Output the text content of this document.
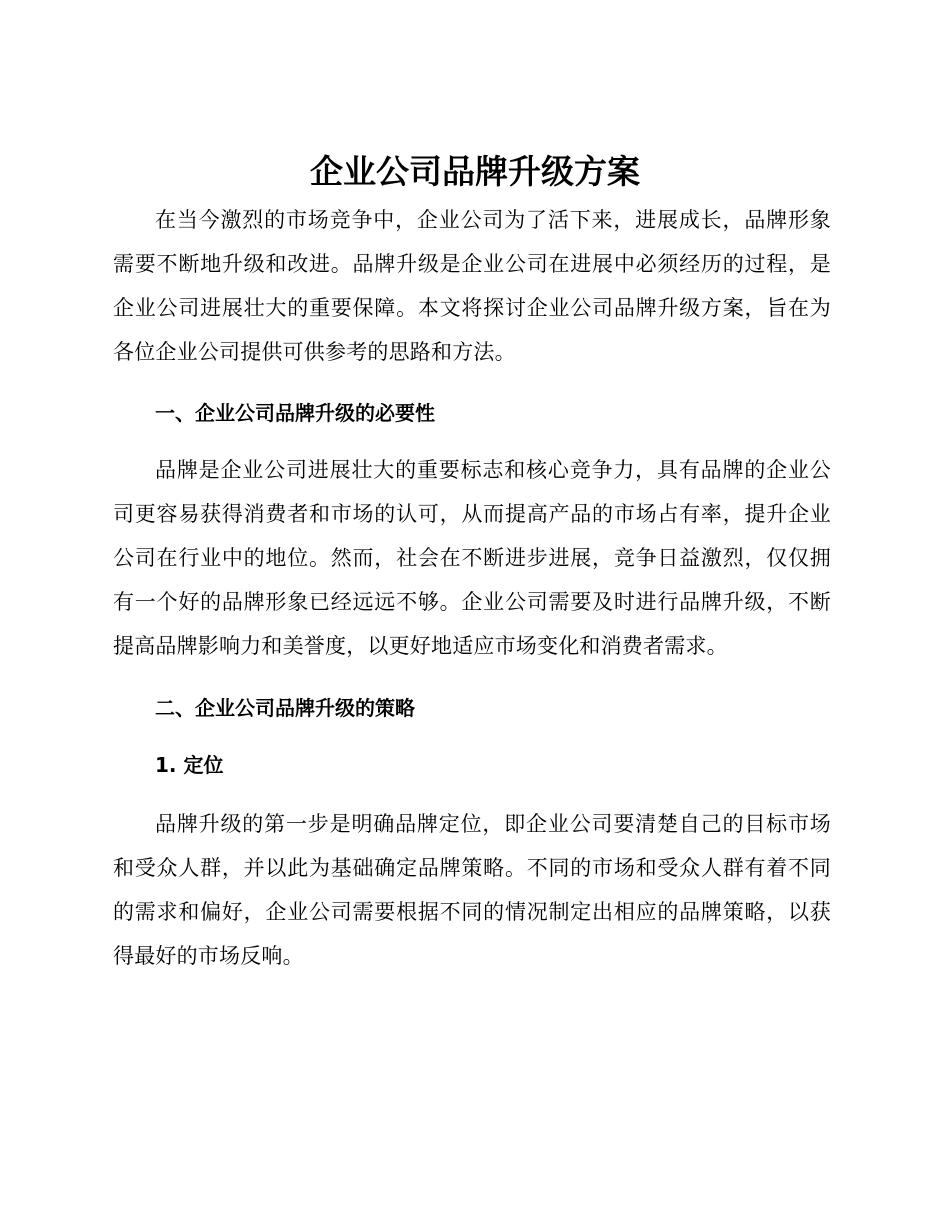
企业公司品牌升级方案

在当今激烈的市场竞争中，企业公司为了活下来，进展成长，品牌形象需要不断地升级和改进。品牌升级是企业公司在进展中必须经历的过程，是企业公司进展壮大的重要保障。本文将探讨企业公司品牌升级方案，旨在为各位企业公司提供可供参考的思路和方法。

一、企业公司品牌升级的必要性

品牌是企业公司进展壮大的重要标志和核心竞争力，具有品牌的企业公司更容易获得消费者和市场的认可，从而提高产品的市场占有率，提升企业公司在行业中的地位。然而，社会在不断进步进展，竞争日益激烈，仅仅拥有一个好的品牌形象已经远远不够。企业公司需要及时进行品牌升级，不断提高品牌影响力和美誉度，以更好地适应市场变化和消费者需求。

二、企业公司品牌升级的策略
1. 定位

品牌升级的第一步是明确品牌定位，即企业公司要清楚自己的目标市场和受众人群，并以此为基础确定品牌策略。不同的市场和受众人群有着不同的需求和偏好，企业公司需要根据不同的情况制定出相应的品牌策略，以获得最好的市场反响。
